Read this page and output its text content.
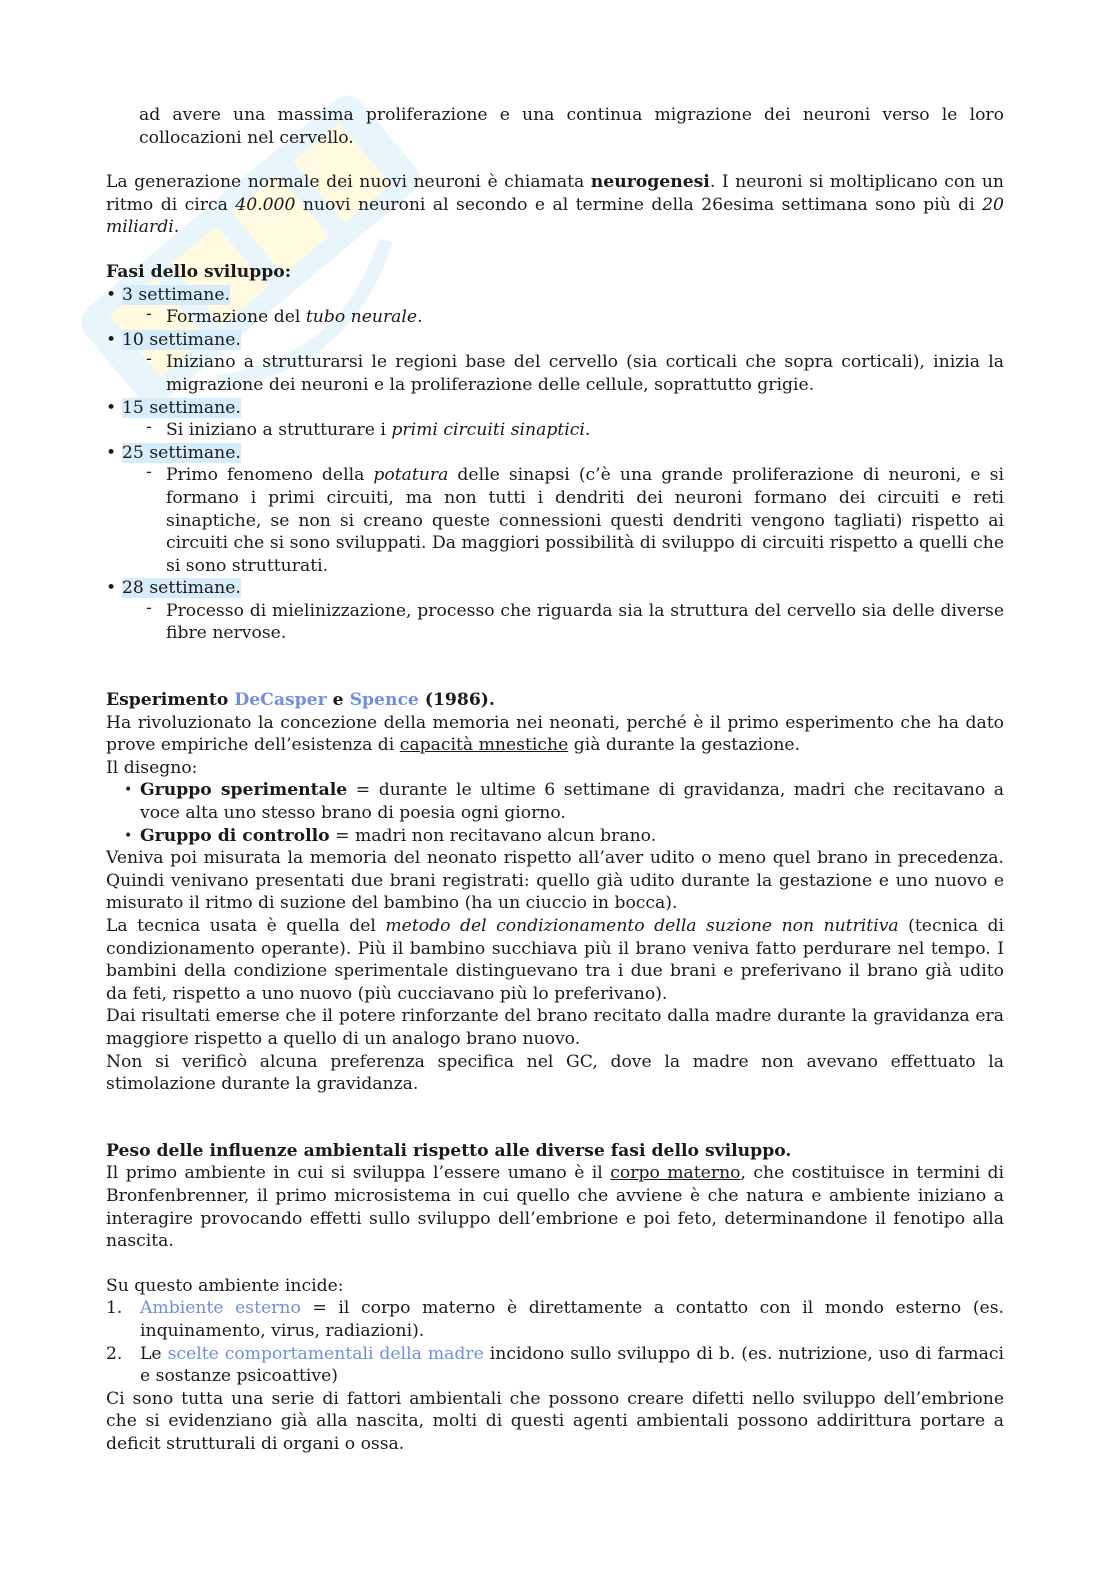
ad avere una massima proliferazione e una continua migrazione dei neuroni verso le loro collocazioni nel cervello.

La generazione normale dei nuovi neuroni è chiamata neurogenesi. I neuroni si moltiplicano con un ritmo di circa 40.000 nuovi neuroni al secondo e al termine della 26esima settimana sono più di 20 miliardi.

Fasi dello sviluppo:

• 3 settimane.
- Formazione del tubo neurale.
• 10 settimane.
- Iniziano a strutturarsi le regioni base del cervello (sia corticali che sopra corticali), inizia la migrazione dei neuroni e la proliferazione delle cellule, soprattutto grigie.
• 15 settimane.
- Si iniziano a strutturare i primi circuiti sinaptici.
• 25 settimane.
- Primo fenomeno della potatura delle sinapsi (c’è una grande proliferazione di neuroni, e si formano i primi circuiti, ma non tutti i dendriti dei neuroni formano dei circuiti e reti sinaptiche, se non si creano queste connessioni questi dendriti vengono tagliati) rispetto ai circuiti che si sono sviluppati. Da maggiori possibilità di sviluppo di circuiti rispetto a quelli che si sono strutturati.
• 28 settimane.
- Processo di mielinizzazione, processo che riguarda sia la struttura del cervello sia delle diverse fibre nervose.

Esperimento DeCasper e Spence (1986).

Ha rivoluzionato la concezione della memoria nei neonati, perché è il primo esperimento che ha dato prove empiriche dell’esistenza di capacità mnestiche già durante la gestazione.

Il disegno:

• Gruppo sperimentale = durante le ultime 6 settimane di gravidanza, madri che recitavano a voce alta uno stesso brano di poesia ogni giorno.
• Gruppo di controllo = madri non recitavano alcun brano.

Veniva poi misurata la memoria del neonato rispetto all’aver udito o meno quel brano in precedenza. Quindi venivano presentati due brani registrati: quello già udito durante la gestazione e uno nuovo e misurato il ritmo di suzione del bambino (ha un ciuccio in bocca).

La tecnica usata è quella del metodo del condizionamento della suzione non nutritiva (tecnica di condizionamento operante). Più il bambino succhiava più il brano veniva fatto perdurare nel tempo. I bambini della condizione sperimentale distinguevano tra i due brani e preferivano il brano già udito da feti, rispetto a uno nuovo (più cucciavano più lo preferivano).

Dai risultati emerse che il potere rinforzante del brano recitato dalla madre durante la gravidanza era maggiore rispetto a quello di un analogo brano nuovo.

Non si verificò alcuna preferenza specifica nel GC, dove la madre non avevano effettuato la stimolazione durante la gravidanza.

Peso delle influenze ambientali rispetto alle diverse fasi dello sviluppo.

Il primo ambiente in cui si sviluppa l’essere umano è il corpo materno, che costituisce in termini di Bronfenbrenner, il primo microsistema in cui quello che avviene è che natura e ambiente iniziano a interagire provocando effetti sullo sviluppo dell’embrione e poi feto, determinandone il fenotipo alla nascita.

Su questo ambiente incide:

1. Ambiente esterno = il corpo materno è direttamente a contatto con il mondo esterno (es. inquinamento, virus, radiazioni).
2. Le scelte comportamentali della madre incidono sullo sviluppo di b. (es. nutrizione, uso di farmaci e sostanze psicoattive)

Ci sono tutta una serie di fattori ambientali che possono creare difetti nello sviluppo dell’embrione che si evidenziano già alla nascita, molti di questi agenti ambientali possono addirittura portare a deficit strutturali di organi o ossa.
